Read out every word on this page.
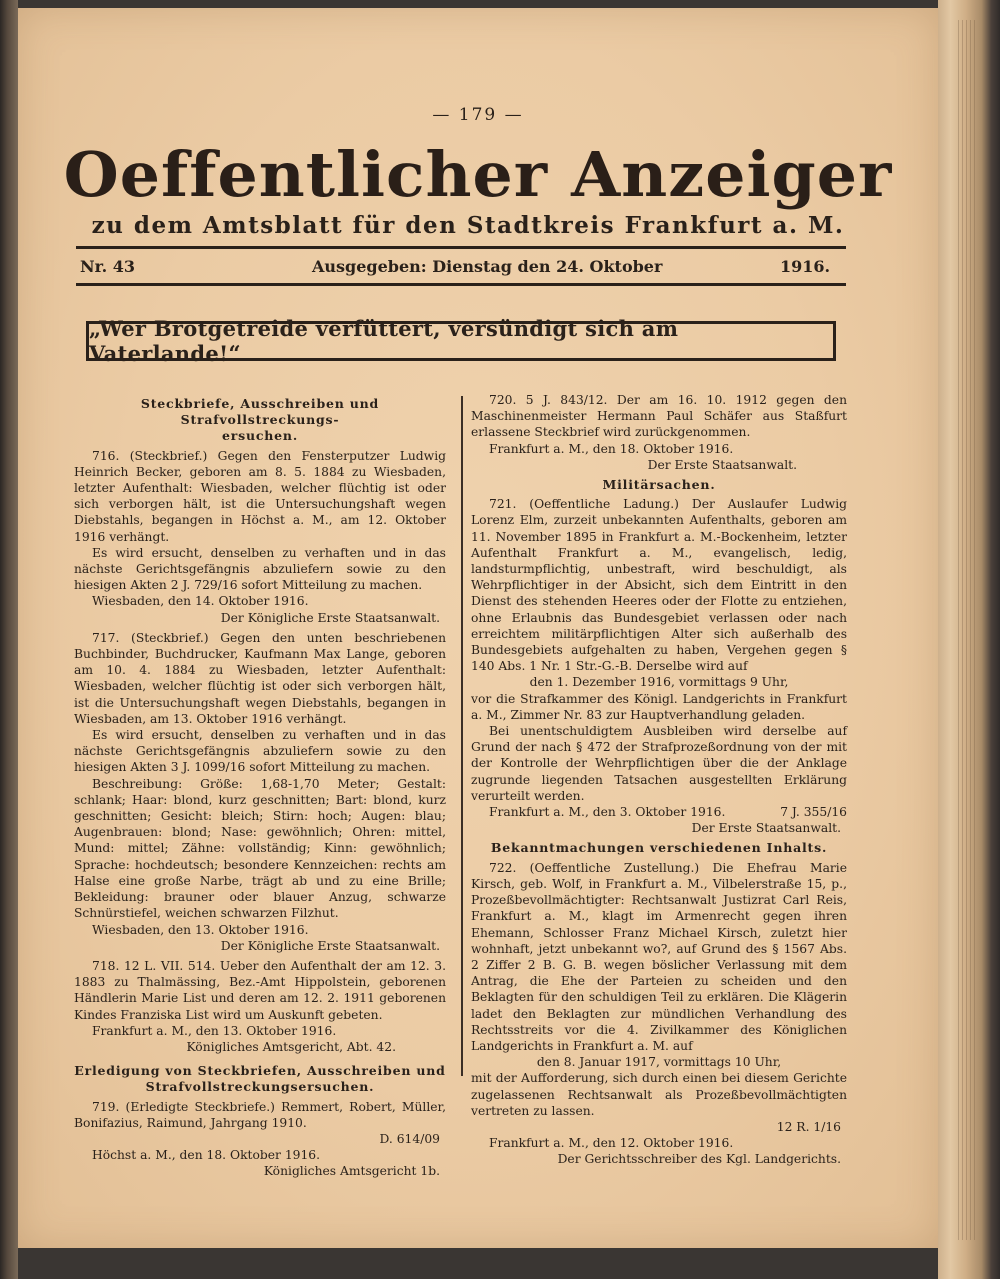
— 179 —
Oeffentlicher Anzeiger
zu dem Amtsblatt für den Stadtkreis Frankfurt a. M.
Nr. 43	Ausgegeben: Dienstag den 24. Oktober	1916.
„Wer Brotgetreide verfüttert, versündigt sich am Vaterlande!“
Steckbriefe, Ausschreiben und Strafvollstreckungs-
ersuchen.

716. (Steckbrief.) Gegen den Fensterputzer Ludwig Heinrich Becker, geboren am 8. 5. 1884 zu Wiesbaden, letzter Aufenthalt: Wiesbaden, welcher flüchtig ist oder sich verborgen hält, ist die Untersuchungshaft wegen Diebstahls, begangen in Höchst a. M., am 12. Oktober 1916 verhängt.

Es wird ersucht, denselben zu verhaften und in das nächste Gerichtsgefängnis abzuliefern sowie zu den hiesigen Akten 2 J. 729/16 sofort Mitteilung zu machen.

Wiesbaden, den 14. Oktober 1916.

Der Königliche Erste Staatsanwalt.

717. (Steckbrief.) Gegen den unten beschriebenen Buchbinder, Buchdrucker, Kaufmann Max Lange, geboren am 10. 4. 1884 zu Wiesbaden, letzter Aufenthalt: Wiesbaden, welcher flüchtig ist oder sich verborgen hält, ist die Untersuchungshaft wegen Diebstahls, begangen in Wiesbaden, am 13. Oktober 1916 verhängt.

Es wird ersucht, denselben zu verhaften und in das nächste Gerichtsgefängnis abzuliefern sowie zu den hiesigen Akten 3 J. 1099/16 sofort Mitteilung zu machen.

Beschreibung: Größe: 1,68-1,70 Meter; Gestalt: schlank; Haar: blond, kurz geschnitten; Bart: blond, kurz geschnitten; Gesicht: bleich; Stirn: hoch; Augen: blau; Augenbrauen: blond; Nase: gewöhnlich; Ohren: mittel, Mund: mittel; Zähne: vollständig; Kinn: gewöhnlich; Sprache: hochdeutsch; besondere Kennzeichen: rechts am Halse eine große Narbe, trägt ab und zu eine Brille; Bekleidung: brauner oder blauer Anzug, schwarze Schnürstiefel, weichen schwarzen Filzhut.

Wiesbaden, den 13. Oktober 1916.

Der Königliche Erste Staatsanwalt.

718. 12 L. VII. 514. Ueber den Aufenthalt der am 12. 3. 1883 zu Thalmässing, Bez.-Amt Hippolstein, geborenen Händlerin Marie List und deren am 12. 2. 1911 geborenen Kindes Franziska List wird um Auskunft gebeten.

Frankfurt a. M., den 13. Oktober 1916.

Königliches Amtsgericht, Abt. 42.

Erledigung von Steckbriefen, Ausschreiben und
Strafvollstreckungsersuchen.

719. (Erledigte Steckbriefe.) Remmert, Robert, Müller, Bonifazius, Raimund, Jahrgang 1910.

D. 614/09

Höchst a. M., den 18. Oktober 1916.

Königliches Amtsgericht 1b.

720. 5 J. 843/12. Der am 16. 10. 1912 gegen den Maschinenmeister Hermann Paul Schäfer aus Staßfurt erlassene Steckbrief wird zurückgenommen.

Frankfurt a. M., den 18. Oktober 1916.

Der Erste Staatsanwalt.

Militärsachen.

721. (Oeffentliche Ladung.) Der Auslaufer Ludwig Lorenz Elm, zurzeit unbekannten Aufenthalts, geboren am 11. November 1895 in Frankfurt a. M.-Bockenheim, letzter Aufenthalt Frankfurt a. M., evangelisch, ledig, landsturmpflichtig, unbestraft, wird beschuldigt, als Wehrpflichtiger in der Absicht, sich dem Eintritt in den Dienst des stehenden Heeres oder der Flotte zu entziehen, ohne Erlaubnis das Bundesgebiet verlassen oder nach erreichtem militärpflichtigen Alter sich außerhalb des Bundesgebiets aufgehalten zu haben, Vergehen gegen § 140 Abs. 1 Nr. 1 Str.-G.-B. Derselbe wird auf

den 1. Dezember 1916, vormittags 9 Uhr,

vor die Strafkammer des Königl. Landgerichts in Frankfurt a. M., Zimmer Nr. 83 zur Hauptverhandlung geladen.

Bei unentschuldigtem Ausbleiben wird derselbe auf Grund der nach § 472 der Strafprozeßordnung von der mit der Kontrolle der Wehrpflichtigen über die der Anklage zugrunde liegenden Tatsachen ausgestellten Erklärung verurteilt werden.

Frankfurt a. M., den 3. Oktober 1916.	7 J. 355/16

Der Erste Staatsanwalt.

Bekanntmachungen verschiedenen Inhalts.

722. (Oeffentliche Zustellung.) Die Ehefrau Marie Kirsch, geb. Wolf, in Frankfurt a. M., Vilbelerstraße 15, p., Prozeßbevollmächtigter: Rechtsanwalt Justizrat Carl Reis, Frankfurt a. M., klagt im Armenrecht gegen ihren Ehemann, Schlosser Franz Michael Kirsch, zuletzt hier wohnhaft, jetzt unbekannt wo?, auf Grund des § 1567 Abs. 2 Ziffer 2 B. G. B. wegen böslicher Verlassung mit dem Antrag, die Ehe der Parteien zu scheiden und den Beklagten für den schuldigen Teil zu erklären. Die Klägerin ladet den Beklagten zur mündlichen Verhandlung des Rechtsstreits vor die 4. Zivilkammer des Königlichen Landgerichts in Frankfurt a. M. auf

den 8. Januar 1917, vormittags 10 Uhr,

mit der Aufforderung, sich durch einen bei diesem Gerichte zugelassenen Rechtsanwalt als Prozeßbevollmächtigten vertreten zu lassen.

12 R. 1/16

Frankfurt a. M., den 12. Oktober 1916.

Der Gerichtsschreiber des Kgl. Landgerichts.
